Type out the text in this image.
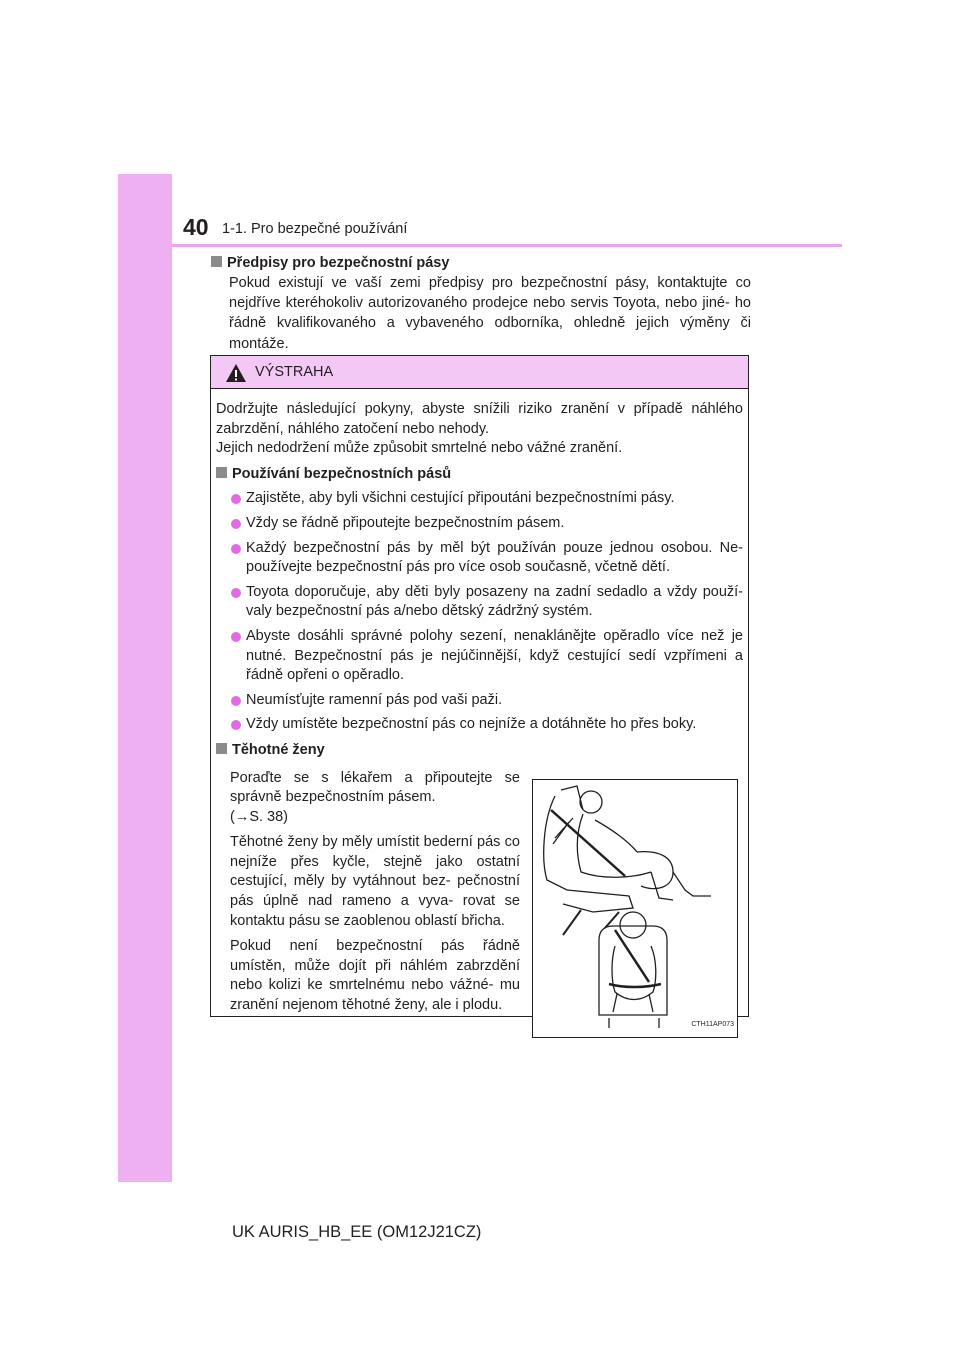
40 1-1. Pro bezpečné používání
Předpisy pro bezpečnostní pásy
Pokud existují ve vaší zemi předpisy pro bezpečnostní pásy, kontaktujte co nejdříve kteréhokoliv autorizovaného prodejce nebo servis Toyota, nebo jiné- ho řádně kvalifikovaného a vybaveného odborníka, ohledně jejich výměny či montáže.
VÝSTRAHA
Dodržujte následující pokyny, abyste snížili riziko zranění v případě náhlého zabrzdění, náhlého zatočení nebo nehody.
Jejich nedodržení může způsobit smrtelné nebo vážné zranění.
Používání bezpečnostních pásů
Zajistěte, aby byli všichni cestující připoutáni bezpečnostními pásy.
Vždy se řádně připoutejte bezpečnostním pásem.
Každý bezpečnostní pás by měl být používán pouze jednou osobou. Ne- používejte bezpečnostní pás pro více osob současně, včetně dětí.
Toyota doporučuje, aby děti byly posazeny na zadní sedadlo a vždy použí- valy bezpečnostní pás a/nebo dětský zádržný systém.
Abyste dosáhli správné polohy sezení, nenaklánějte opěradlo více než je nutné. Bezpečnostní pás je nejúčinnější, když cestující sedí vzpřímeni a řádně opřeni o opěradlo.
Neumísťujte ramenní pás pod vaši paži.
Vždy umístěte bezpečnostní pás co nejníže a dotáhněte ho přes boky.
Těhotné ženy

Poraďte se s lékařem a připoutejte se správně bezpečnostním pásem.
(→S. 38)

Těhotné ženy by měly umístit bederní pás co nejníže přes kyčle, stejně jako ostatní cestující, měly by vytáhnout bez- pečnostní pás úplně nad rameno a vyva- rovat se kontaktu pásu se zaoblenou oblastí břicha.

Pokud není bezpečnostní pás řádně umístěn, může dojít při náhlém zabrzdění nebo kolizi ke smrtelnému nebo vážné- mu zranění nejenom těhotné ženy, ale i plodu.

CTH11AP073
UK AURIS_HB_EE (OM12J21CZ)
